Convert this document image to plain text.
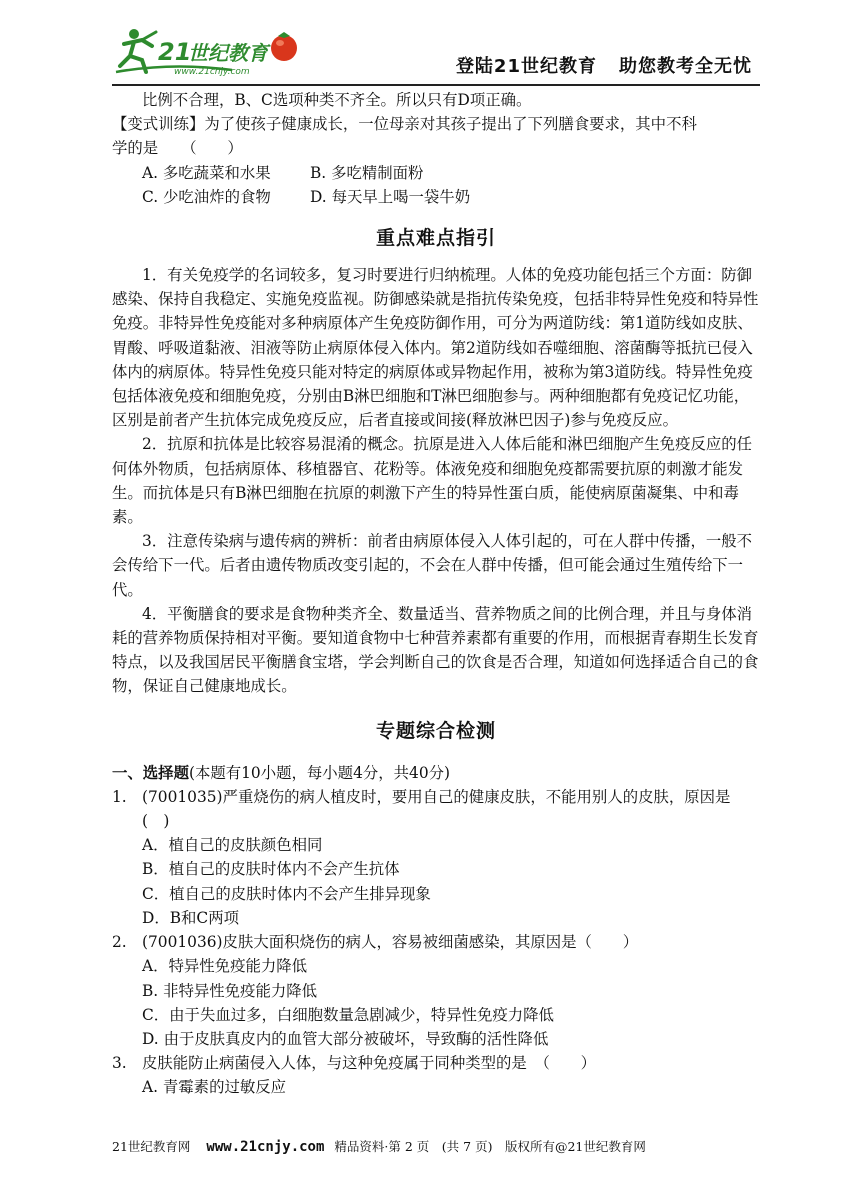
21
世纪教育
www.21cnjy.com	登陆21世纪教育 助您教考全无忧

比例不合理，B、C选项种类不齐全。所以只有D项正确。

【变式训练】为了使孩子健康成长，一位母亲对其孩子提出了下列膳食要求，其中不科

学的是　　（　　）

A. 多吃蔬菜和水果	B. 多吃精制面粉

C. 少吃油炸的食物	D. 每天早上喝一袋牛奶

重点难点指引

1．有关免疫学的名词较多，复习时要进行归纳梳理。人体的免疫功能包括三个方面：防御感染、保持自我稳定、实施免疫监视。防御感染就是指抗传染免疫，包括非特异性免疫和特异性免疫。非特异性免疫能对多种病原体产生免疫防御作用，可分为两道防线：第1道防线如皮肤、胃酸、呼吸道黏液、泪液等防止病原体侵入体内。第2道防线如吞噬细胞、溶菌酶等抵抗已侵入体内的病原体。特异性免疫只能对特定的病原体或异物起作用，被称为第3道防线。特异性免疫包括体液免疫和细胞免疫，分别由B淋巴细胞和T淋巴细胞参与。两种细胞都有免疫记忆功能，区别是前者产生抗体完成免疫反应，后者直接或间接(释放淋巴因子)参与免疫反应。

2．抗原和抗体是比较容易混淆的概念。抗原是进入人体后能和淋巴细胞产生免疫反应的任何体外物质，包括病原体、移植器官、花粉等。体液免疫和细胞免疫都需要抗原的刺激才能发生。而抗体是只有B淋巴细胞在抗原的刺激下产生的特异性蛋白质，能使病原菌凝集、中和毒素。

3．注意传染病与遗传病的辨析：前者由病原体侵入人体引起的，可在人群中传播，一般不会传给下一代。后者由遗传物质改变引起的，不会在人群中传播，但可能会通过生殖传给下一代。

4．平衡膳食的要求是食物种类齐全、数量适当、营养物质之间的比例合理，并且与身体消耗的营养物质保持相对平衡。要知道食物中七种营养素都有重要的作用，而根据青春期生长发育特点，以及我国居民平衡膳食宝塔，学会判断自己的饮食是否合理，知道如何选择适合自己的食物，保证自己健康地成长。

专题综合检测

一、选择题(本题有10小题，每小题4分，共40分)

1. (7001035)严重烧伤的病人植皮时，要用自己的健康皮肤，不能用别人的皮肤，原因是

(　)

A．植自己的皮肤颜色相同

B．植自己的皮肤时体内不会产生抗体

C．植自己的皮肤时体内不会产生排异现象

D．B和C两项

2. (7001036)皮肤大面积烧伤的病人，容易被细菌感染，其原因是（　　）

A．特异性免疫能力降低

B. 非特异性免疫能力降低

C．由于失血过多，白细胞数量急剧减少，特异性免疫力降低

D. 由于皮肤真皮内的血管大部分被破坏，导致酶的活性降低

3. 皮肤能防止病菌侵入人体，与这种免疫属于同种类型的是　（　　）

A. 青霉素的过敏反应

21世纪教育网 www.21cnjy.com 精品资料·第 2 页　(共 7 页)　版权所有@21世纪教育网
